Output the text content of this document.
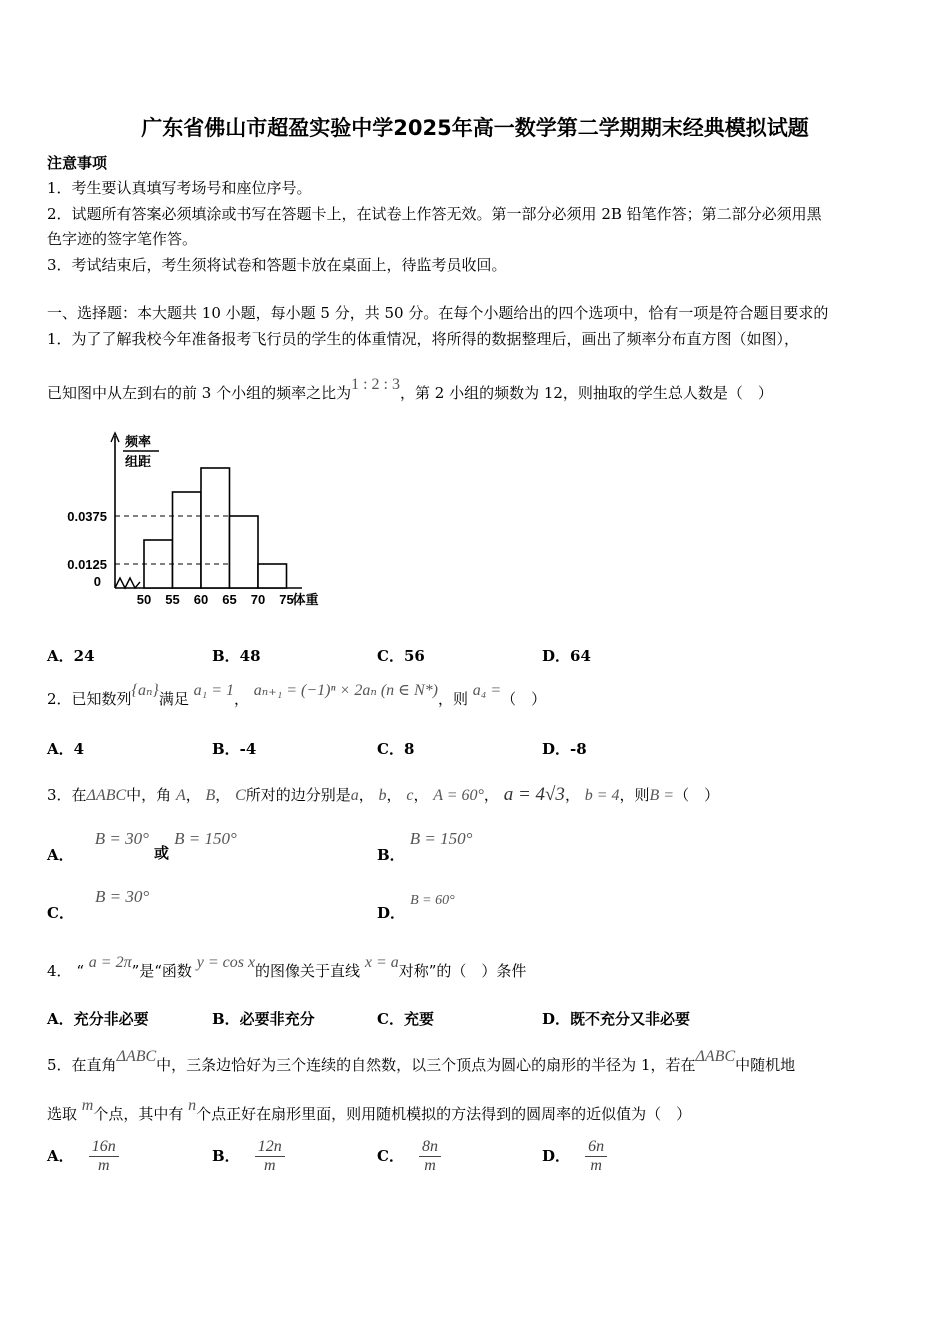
广东省佛山市超盈实验中学2025年高一数学第二学期期末经典模拟试题
注意事项
1．考生要认真填写考场号和座位序号。
2．试题所有答案必须填涂或书写在答题卡上，在试卷上作答无效。第一部分必须用 2B 铅笔作答；第二部分必须用黑
色字迹的签字笔作答。
3．考试结束后，考生须将试卷和答题卡放在桌面上，待监考员收回。
一、选择题：本大题共 10 小题，每小题 5 分，共 50 分。在每个小题给出的四个选项中，恰有一项是符合题目要求的
1．为了了解我校今年准备报考飞行员的学生的体重情况，将所得的数据整理后，画出了频率分布直方图（如图），
已知图中从左到右的前 3 个小组的频率之比为1 : 2 : 3，第 2 小组的频数为 12，则抽取的学生总人数是（　）
0.0375
0.0125
0
50 55 60 65 70 75
体重
频率
组距
A．24	B．48	C．56	D．64
2．已知数列{aₙ}满足 a₁ = 1， aₙ₊₁ = (−1)ⁿ × 2aₙ (n ∈ N*)，则 a₄ =（　）
A．4	B．-4	C．8	D．-8
3．在ΔABC中，角 A， B， C所对的边分别是a， b， c， A = 60°， a = 4√3， b = 4，则B =（　）
A． B = 30° 或 B = 150°
B． B = 150°
C． B = 30°
D． B = 60°
4． “ a = 2π”是“函数 y = cos x的图像关于直线 x = a对称”的（　）条件
A．充分非必要	B．必要非充分	C．充要	D．既不充分又非必要
5．在直角ΔABC中，三条边恰好为三个连续的自然数，以三个顶点为圆心的扇形的半径为 1，若在ΔABC中随机地
选取 m个点，其中有 n个点正好在扇形里面，则用随机模拟的方法得到的圆周率的近似值为（　）
A． $\frac{16n}{m}$	B． $\frac{12n}{m}$	C． $\frac{8n}{m}$	D． $\frac{6n}{m}$
